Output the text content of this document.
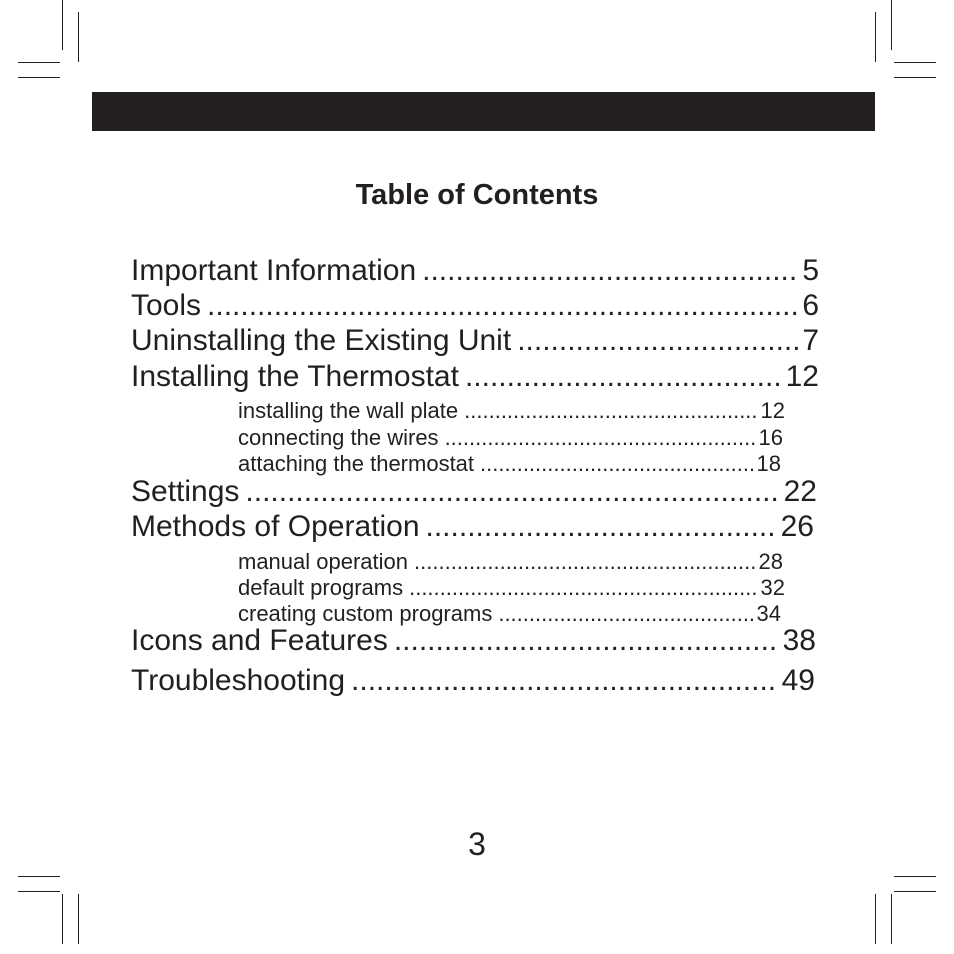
Table of Contents
Important Information .....	5
Tools .....	6
Uninstalling the Existing Unit .....	7
Installing the Thermostat .....	12
installing the wall plate .....	12
connecting the wires .....	16
attaching the thermostat .....	18
Settings .....	22
Methods of Operation .....	26
manual operation .....	28
default programs .....	32
creating custom programs .....	34
Icons and Features .....	38
Troubleshooting .....	49
3
